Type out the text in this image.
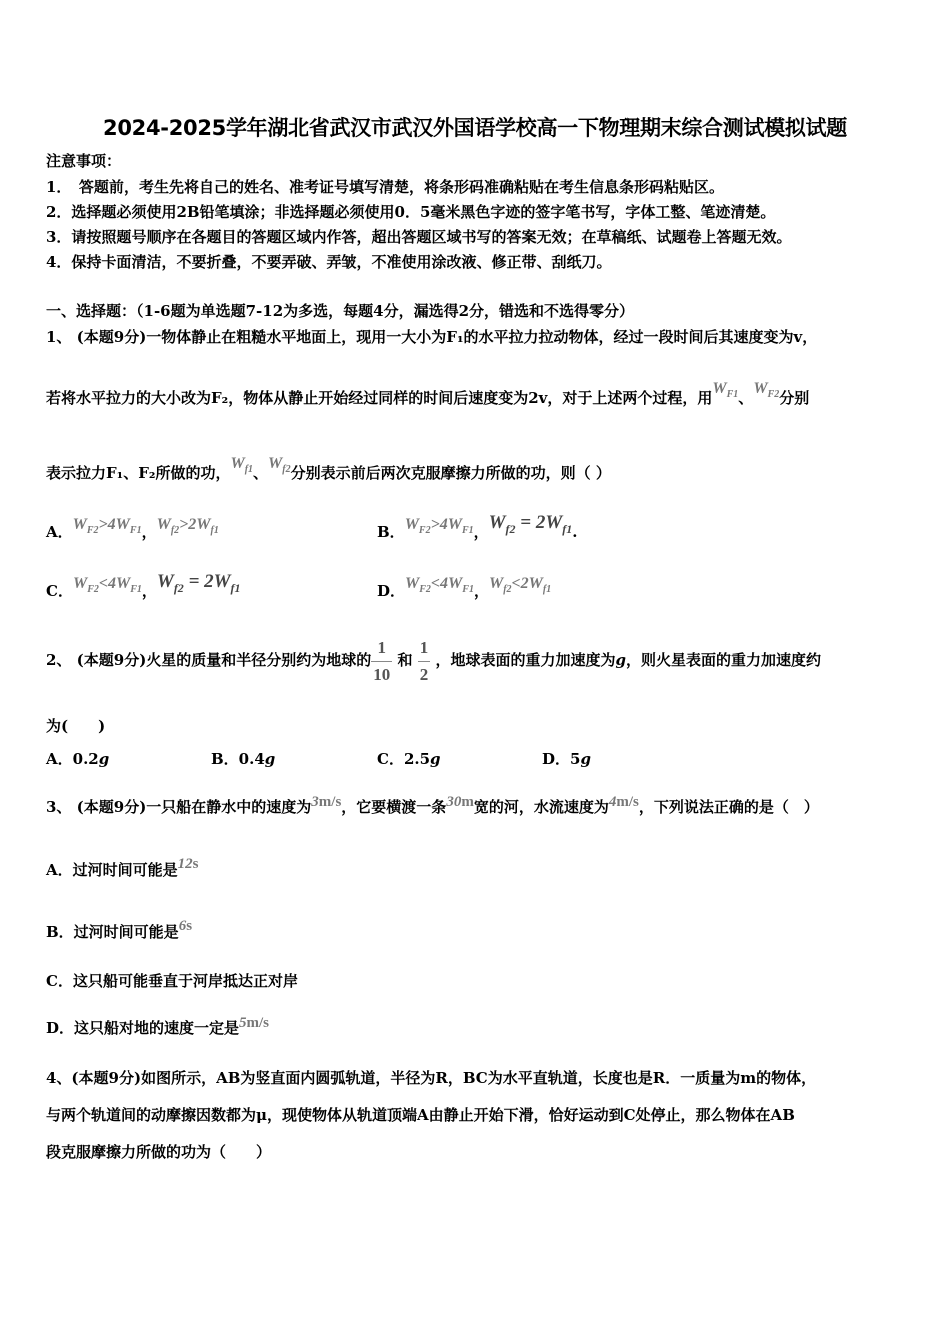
2024-2025学年湖北省武汉市武汉外国语学校高一下物理期末综合测试模拟试题
注意事项：
1．　答题前，考生先将自己的姓名、准考证号填写清楚，将条形码准确粘贴在考生信息条形码粘贴区。
2．选择题必须使用2B铅笔填涂；非选择题必须使用0．5毫米黑色字迹的签字笔书写，字体工整、笔迹清楚。
3．请按照题号顺序在各题目的答题区域内作答，超出答题区域书写的答案无效；在草稿纸、试题卷上答题无效。
4．保持卡面清洁，不要折叠，不要弄破、弄皱，不准使用涂改液、修正带、刮纸刀。
一、选择题：（1-6题为单选题7-12为多选，每题4分，漏选得2分，错选和不选得零分）
1、 (本题9分)一物体静止在粗糙水平地面上，现用一大小为F₁的水平拉力拉动物体，经过一段时间后其速度变为v，
若将水平拉力的大小改为F₂，物体从静止开始经过同样的时间后速度变为2v，对于上述两个过程，用$W_{F1}$、$W_{F2}$分别
表示拉力F₁、F₂所做的功，$W_{f1}$、$W_{f2}$分别表示前后两次克服摩擦力所做的功，则（ ）
A．$W_{F2}>4W_{F1}$，$W_{f2}>2W_{f1}$	B．$W_{F2}>4W_{F1}$，$W_{f2} = 2W_{f1}$.
C．$W_{F2}<4W_{F1}$，$W_{f2} = 2W_{f1}$	D．$W_{F2}<4W_{F1}$，$W_{f2}<2W_{f1}$
2、 (本题9分)火星的质量和半径分别约为地球的 $\frac{1}{10}$ 和 $\frac{1}{2}$ ，地球表面的重力加速度为g，则火星表面的重力加速度约
为(　　)
A．0.2g	B．0.4g	C．2.5g	D．5g
3、 (本题9分)一只船在静水中的速度为3m/s，它要横渡一条30m宽的河，水流速度为4m/s，下列说法正确的是（　）
A．过河时间可能是12s
B．过河时间可能是6s
C．这只船可能垂直于河岸抵达正对岸
D．这只船对地的速度一定是5m/s
4、(本题9分)如图所示，AB为竖直面内圆弧轨道，半径为R，BC为水平直轨道，长度也是R．一质量为m的物体，
与两个轨道间的动摩擦因数都为μ，现使物体从轨道顶端A由静止开始下滑，恰好运动到C处停止，那么物体在AB
段克服摩擦力所做的功为（　　）
